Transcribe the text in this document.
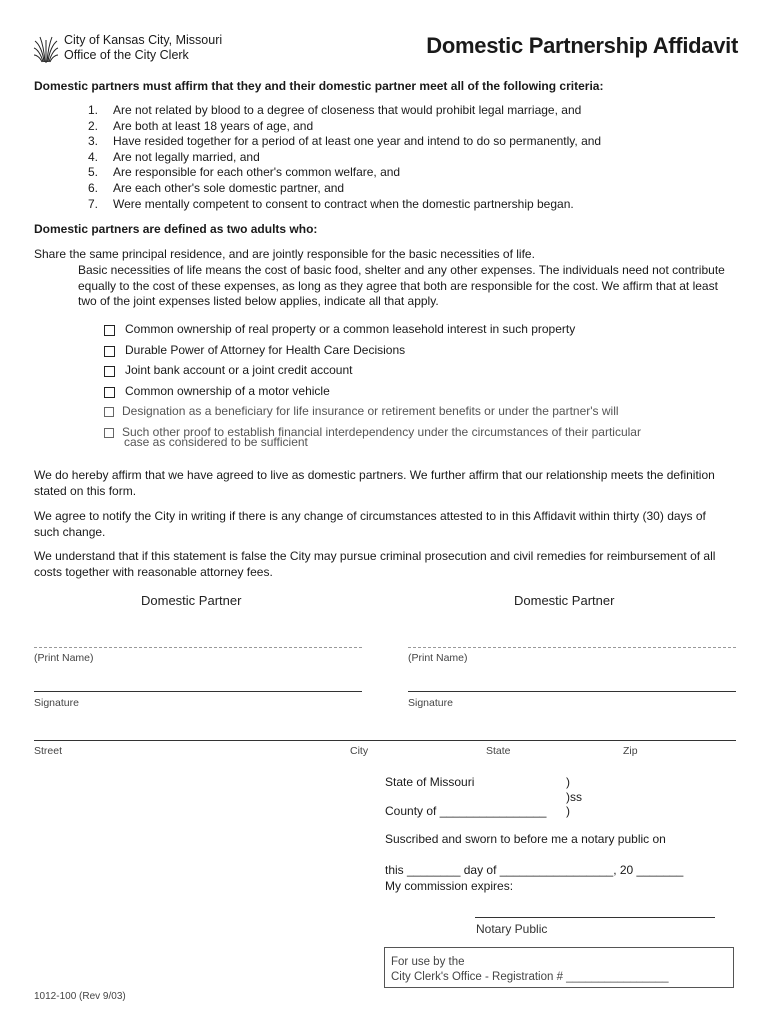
City of Kansas City, Missouri
Office of the City Clerk	Domestic Partnership Affidavit
Domestic partners must affirm that they and their domestic partner meet all of the following criteria:
1. Are not related by blood to a degree of closeness that would prohibit legal marriage, and
2. Are both at least 18 years of age, and
3. Have resided together for a period of at least one year and intend to do so permanently, and
4. Are not legally married, and
5. Are responsible for each other's common welfare, and
6. Are each other's sole domestic partner, and
7. Were mentally competent to consent to contract when the domestic partnership began.
Domestic partners are defined as two adults who:
Share the same principal residence, and are jointly responsible for the basic necessities of life.
Basic necessities of life means the cost of basic food, shelter and any other expenses. The individuals need not contribute equally to the cost of these expenses, as long as they agree that both are responsible for the cost. We affirm that at least two of the joint expenses listed below applies, indicate all that apply.
Common ownership of real property or a common leasehold interest in such property
Durable Power of Attorney for Health Care Decisions
Joint bank account or a joint credit account
Common ownership of a motor vehicle
Designation as a beneficiary for life insurance or retirement benefits or under the partner's will
Such other proof to establish financial interdependency under the circumstances of their particular
case as considered to be sufficient
We do hereby affirm that we have agreed to live as domestic partners. We further affirm that our relationship meets the definition stated on this form.
We agree to notify the City in writing if there is any change of circumstances attested to in this Affidavit within thirty (30) days of such change.
We understand that if this statement is false the City may pursue criminal prosecution and civil remedies for reimbursement of all costs together with reasonable attorney fees.
Domestic Partner	Domestic Partner
(Print Name)	(Print Name)
Signature	Signature
Street	City	State	Zip
State of Missouri	)
)ss
County of ________________ )
Suscribed and sworn to before me a notary public on
this ________ day of _________________, 20 _______
My commission expires:
Notary Public
For use by the
City Clerk's Office - Registration # ________________
1012-100 (Rev 9/03)
